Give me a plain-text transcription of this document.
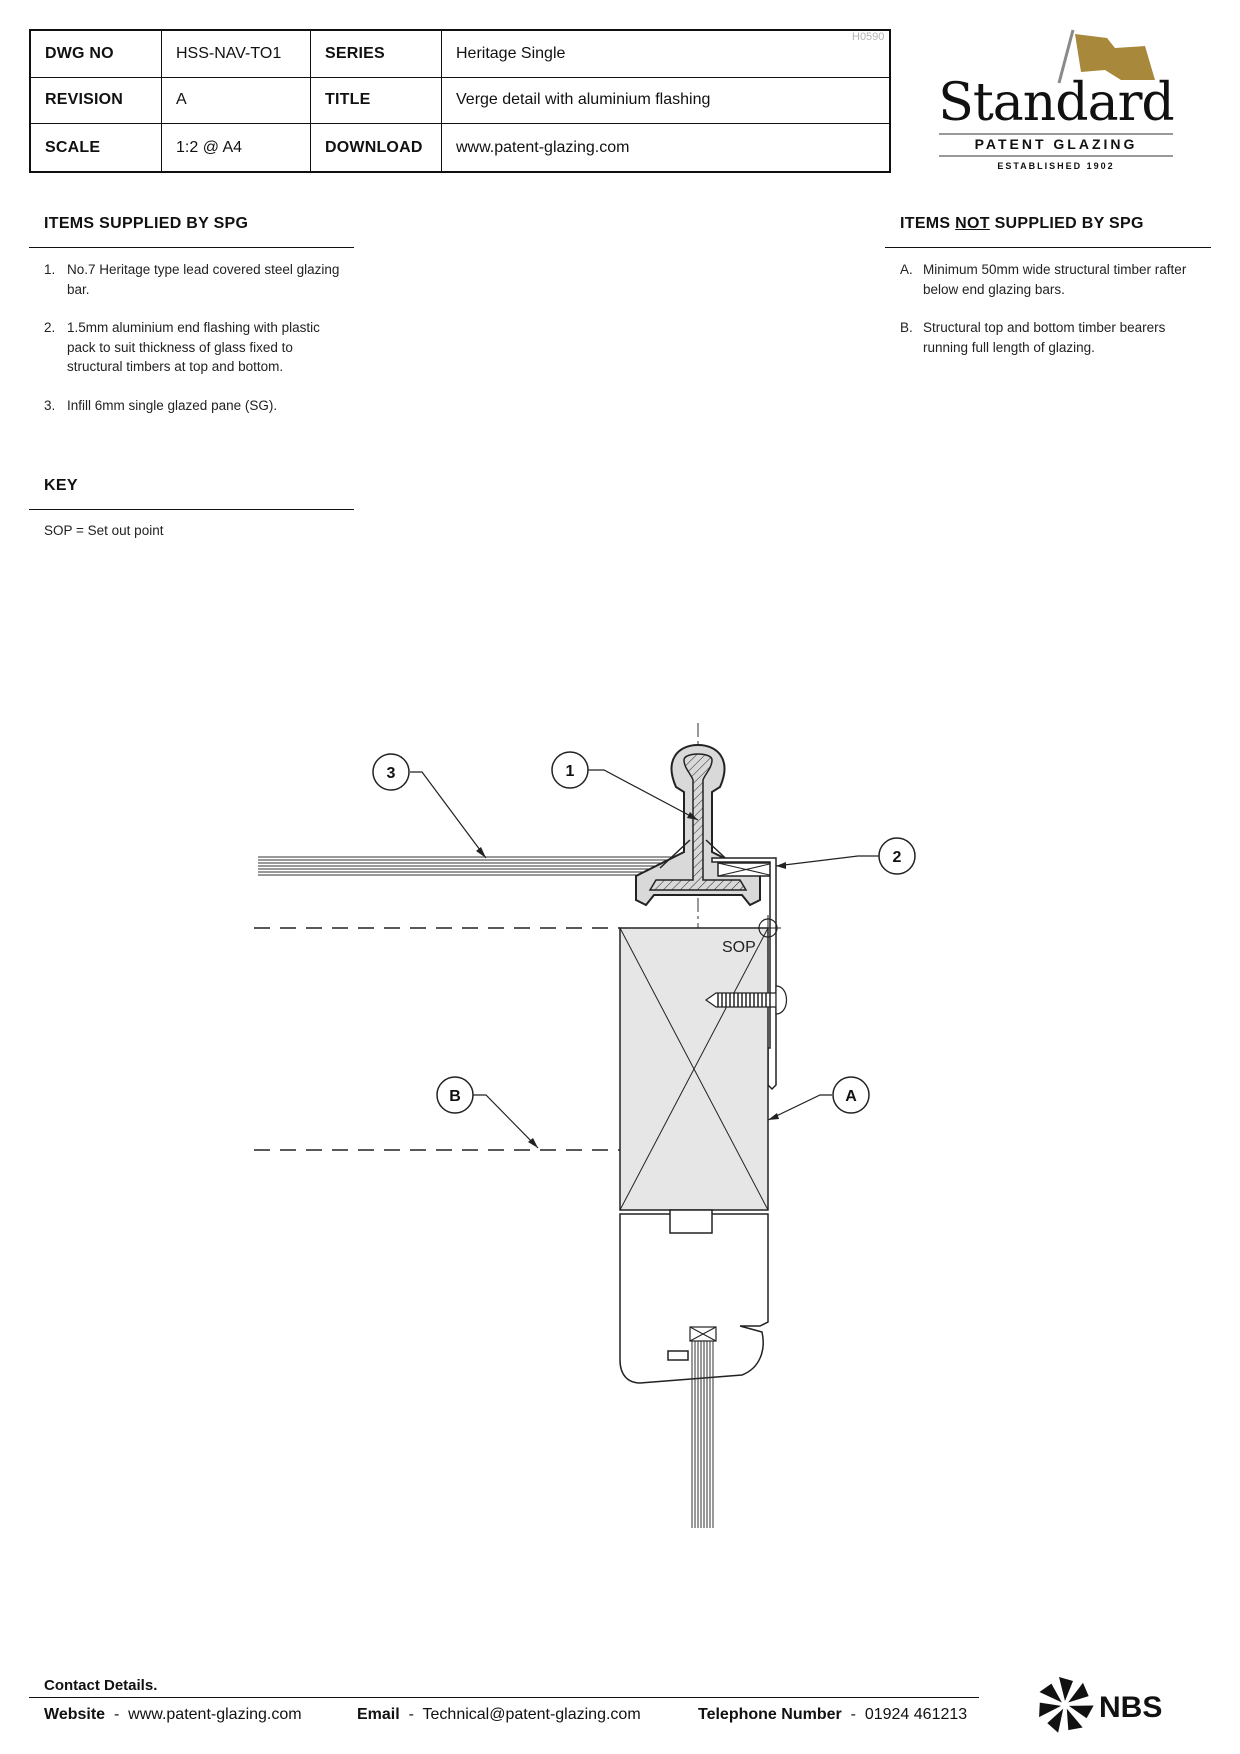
DWG NO	HSS-NAV-TO1	SERIES	Heritage Single
REVISION	A	TITLE	Verge detail with aluminium flashing
SCALE	1:2 @ A4	DOWNLOAD www.patent-glazing.com
H0590
Standard
PATENT GLAZING
ESTABLISHED 1902
ITEMS SUPPLIED BY SPG
1. No.7 Heritage type lead covered steel glazing bar.
2. 1.5mm aluminium end flashing with plastic pack to suit thickness of glass fixed to structural timbers at top and bottom.
3. Infill 6mm single glazed pane (SG).
ITEMS NOT SUPPLIED BY SPG
A. Minimum 50mm wide structural timber rafter below end glazing bars.
B. Structural top and bottom timber bearers running full length of glazing.
KEY
SOP = Set out point
SOP
3	1
2
A
B
Contact Details.
Website - www.patent-glazing.com	Email - Technical@patent-glazing.com	Telephone Number - 01924 461213	NBS
